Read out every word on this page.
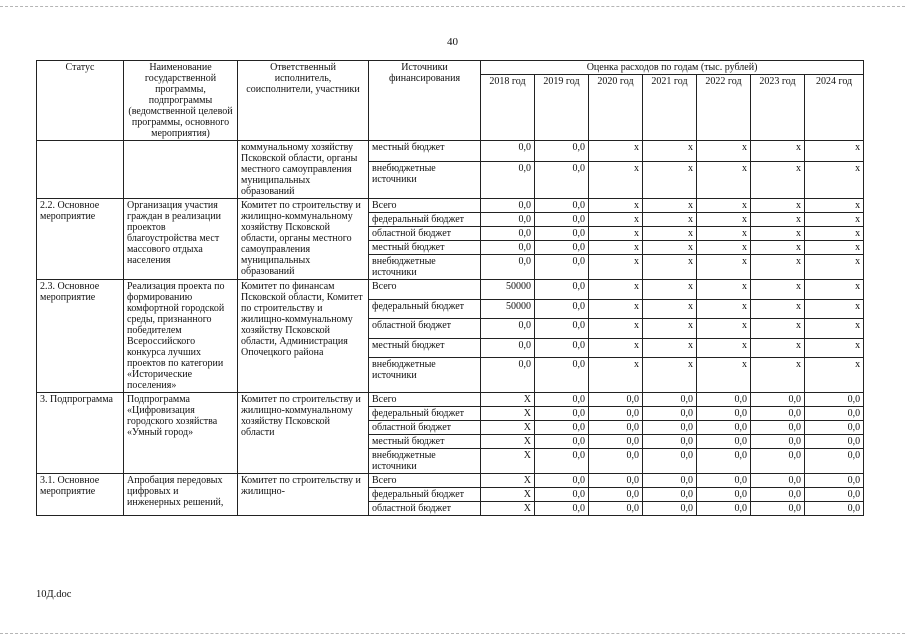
40
Статус	Наименование государственной программы, подпрограммы (ведомственной целевой программы, основного мероприятия)	Ответственный исполнитель, соисполнители, участники	Источники финансирования	Оценка расходов по годам (тыс. рублей)						
				2018 год	2019 год	2020 год	2021 год	2022 год	2023 год	2024 год
		коммунальному хозяйству Псковской области, органы местного самоуправления муниципальных образований	местный бюджет	0,0	0,0	x	x	x	x	x
			внебюджетные источники	0,0	0,0	x	x	x	x	x
2.2. Основное мероприятие	Организация участия граждан в реализации проектов благоустройства мест массового отдыха населения	Комитет по строительству и жилищно-коммунальному хозяйству Псковской области, органы местного самоуправления муниципальных образований	Всего	0,0	0,0	x	x	x	x	x
			федеральный бюджет	0,0	0,0	x	x	x	x	x
			областной бюджет	0,0	0,0	x	x	x	x	x
			местный бюджет	0,0	0,0	x	x	x	x	x
			внебюджетные источники	0,0	0,0	x	x	x	x	x
2.3. Основное мероприятие	Реализация проекта по формированию комфортной городской среды, признанного победителем Всероссийского конкурса лучших проектов по категории «Исторические поселения»	Комитет по финансам Псковской области, Комитет по строительству и жилищно-коммунальному хозяйству Псковской области, Администрация Опочецкого района	Всего	50000	0,0	x	x	x	x	x
			федеральный бюджет	50000	0,0	x	x	x	x	x
			областной бюджет	0,0	0,0	x	x	x	x	x
			местный бюджет	0,0	0,0	x	x	x	x	x
			внебюджетные источники	0,0	0,0	x	x	x	x	x
3. Подпрограмма	Подпрограмма «Цифровизация городского хозяйства «Умный город»	Комитет по строительству и жилищно-коммунальному хозяйству Псковской области	Всего	X	0,0	0,0	0,0	0,0	0,0	0,0
			федеральный бюджет	X	0,0	0,0	0,0	0,0	0,0	0,0
			областной бюджет	X	0,0	0,0	0,0	0,0	0,0	0,0
			местный бюджет	X	0,0	0,0	0,0	0,0	0,0	0,0
			внебюджетные источники	X	0,0	0,0	0,0	0,0	0,0	0,0
3.1. Основное мероприятие	Апробация передовых цифровых и инженерных решений,	Комитет по строительству и жилищно-	Всего	X	0,0	0,0	0,0	0,0	0,0	0,0
			федеральный бюджет	X	0,0	0,0	0,0	0,0	0,0	0,0
			областной бюджет	X	0,0	0,0	0,0	0,0	0,0	0,0
10Д.doc
